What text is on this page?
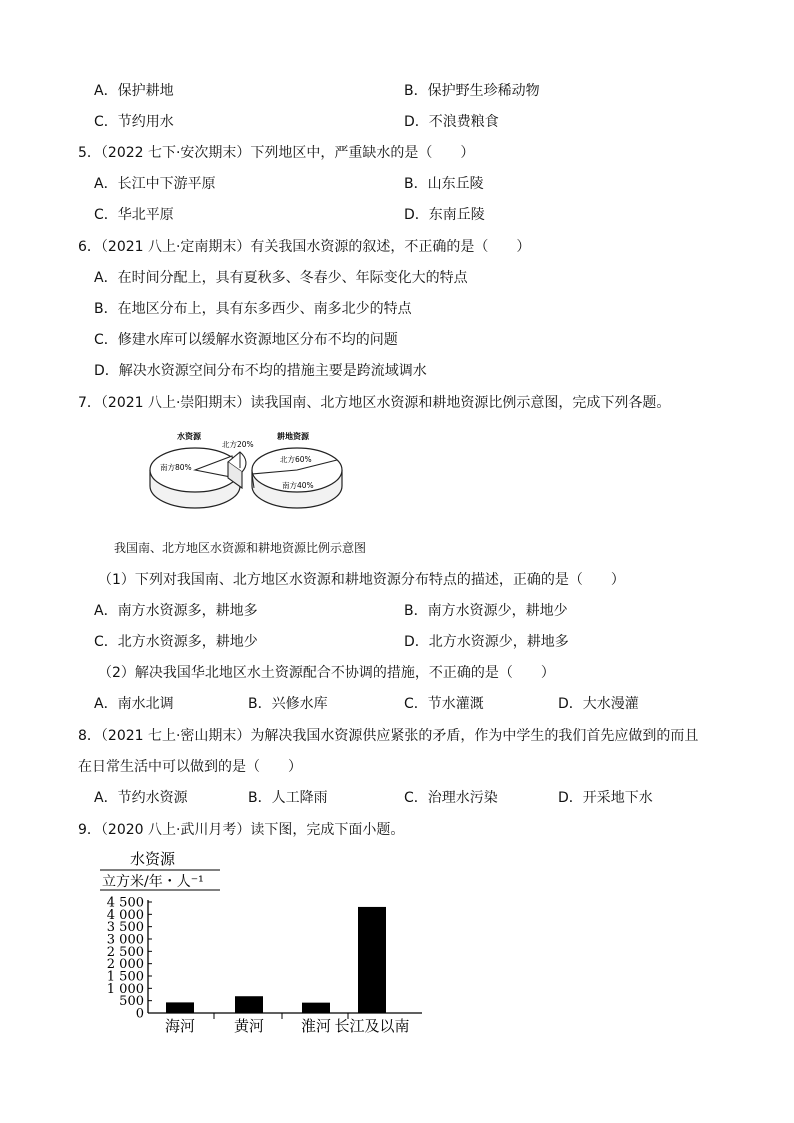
A．保护耕地	B．保护野生珍稀动物
C．节约用水	D．不浪费粮食
5．（2022 七下·安次期末）下列地区中，严重缺水的是（　　）
A．长江中下游平原	B．山东丘陵
C．华北平原	D．东南丘陵
6．（2021 八上·定南期末）有关我国水资源的叙述，不正确的是（　　）
A．在时间分配上，具有夏秋多、冬春少、年际变化大的特点
B．在地区分布上，具有东多西少、南多北少的特点
C．修建水库可以缓解水资源地区分布不均的问题
D．解决水资源空间分布不均的措施主要是跨流域调水
7．（2021 八上·崇阳期末）读我国南、北方地区水资源和耕地资源比例示意图，完成下列各题。
水资源
南方80%
北方20%
耕地资源
北方60%
南方40%
我国南、北方地区水资源和耕地资源比例示意图
（1）下列对我国南、北方地区水资源和耕地资源分布特点的描述，正确的是（　　）
A．南方水资源多，耕地多	B．南方水资源少，耕地少
C．北方水资源多，耕地少	D．北方水资源少，耕地多
（2）解决我国华北地区水土资源配合不协调的措施，不正确的是（　　）
A．南水北调	B．兴修水库	C．节水灌溉	D．大水漫灌
8．（2021 七上·密山期末）为解决我国水资源供应紧张的矛盾，作为中学生的我们首先应做到的而且
在日常生活中可以做到的是（　　）
A．节约水资源	B．人工降雨	C．治理水污染	D．开采地下水
9．（2020 八上·武川月考）读下图，完成下面小题。
水资源
立方米/年・人⁻¹
0
500
1 000
1 500
2 000
2 500
3 000
3 500
4 000
4 500
海河	黄河 淮河 长江及以南
